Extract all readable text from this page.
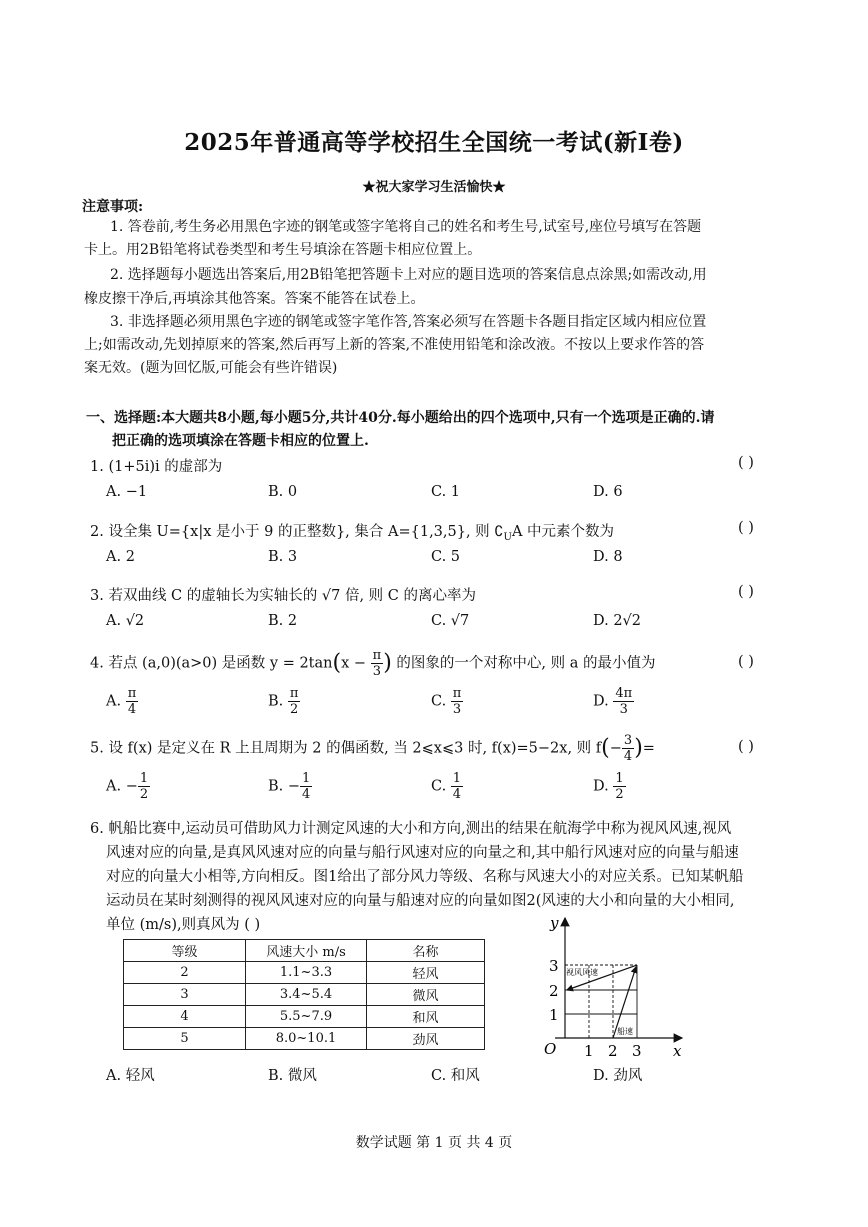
2025年普通高等学校招生全国统一考试(新I卷)
★祝大家学习生活愉快★
注意事项:
1. 答卷前,考生务必用黑色字迹的钢笔或签字笔将自己的姓名和考生号,试室号,座位号填写在答题
卡上。用2B铅笔将试卷类型和考生号填涂在答题卡相应位置上。
2. 选择题每小题选出答案后,用2B铅笔把答题卡上对应的题目选项的答案信息点涂黑;如需改动,用
橡皮擦干净后,再填涂其他答案。答案不能答在试卷上。
3. 非选择题必须用黑色字迹的钢笔或签字笔作答,答案必须写在答题卡各题目指定区域内相应位置
上;如需改动,先划掉原来的答案,然后再写上新的答案,不准使用铅笔和涂改液。不按以上要求作答的答
案无效。(题为回忆版,可能会有些许错误)
一、选择题:本大题共8小题,每小题5分,共计40分.每小题给出的四个选项中,只有一个选项是正确的.请
把正确的选项填涂在答题卡相应的位置上.
1. (1+5i)i 的虚部为	( )
A. −1	B. 0	C. 1	D. 6
2. 设全集 U={x|x 是小于 9 的正整数}, 集合 A={1,3,5}, 则 $∁_UA$ 中元素个数为	( )
A. 2	B. 3	C. 5	D. 8
3. 若双曲线 C 的虚轴长为实轴长的 √7 倍, 则 C 的离心率为	( )
A. √2	B. 2	C. √7	D. 2√2
4. 若点 (a,0)(a>0) 是函数 $y = 2\tan(x - \frac{\pi}{3}$ ) 的图象的一个对称中心, 则 a 的最小值为	( )
A. $\frac{\pi}{4}$	B. $\frac{\pi}{2}$	C. $\frac{\pi}{3}$	D. $\frac{4\pi}{3}$
5. 设 f(x) 是定义在 R 上且周期为 2 的偶函数, 当 2⩽x⩽3 时, f(x)=5−2x, 则 $f(- \frac{3}{4}$ )=	( )
A. − $\frac{1}{2}$	B. − $\frac{1}{4}$	C. $\frac{1}{4}$	D. $\frac{1}{2}$
6. 帆船比赛中,运动员可借助风力计测定风速的大小和方向,测出的结果在航海学中称为视风风速,视风
风速对应的向量,是真风风速对应的向量与船行风速对应的向量之和,其中船行风速对应的向量与船速
对应的向量大小相等,方向相反。图1给出了部分风力等级、名称与风速大小的对应关系。已知某帆船
运动员在某时刻测得的视风风速对应的向量与船速对应的向量如图2(风速的大小和向量的大小相同,
单位 (m/s),则真风为 ( )
等级	风速大小 m/s	名称
2	1.1~3.3	轻风
3	3.4~5.4	微风
4	5.5~7.9	和风
5	8.0~10.1	劲风
视风风速
船速
y
x
O
1
2
3
1 2 3
A. 轻风	B. 微风	C. 和风	D. 劲风
数学试题 第 1 页 共 4 页
